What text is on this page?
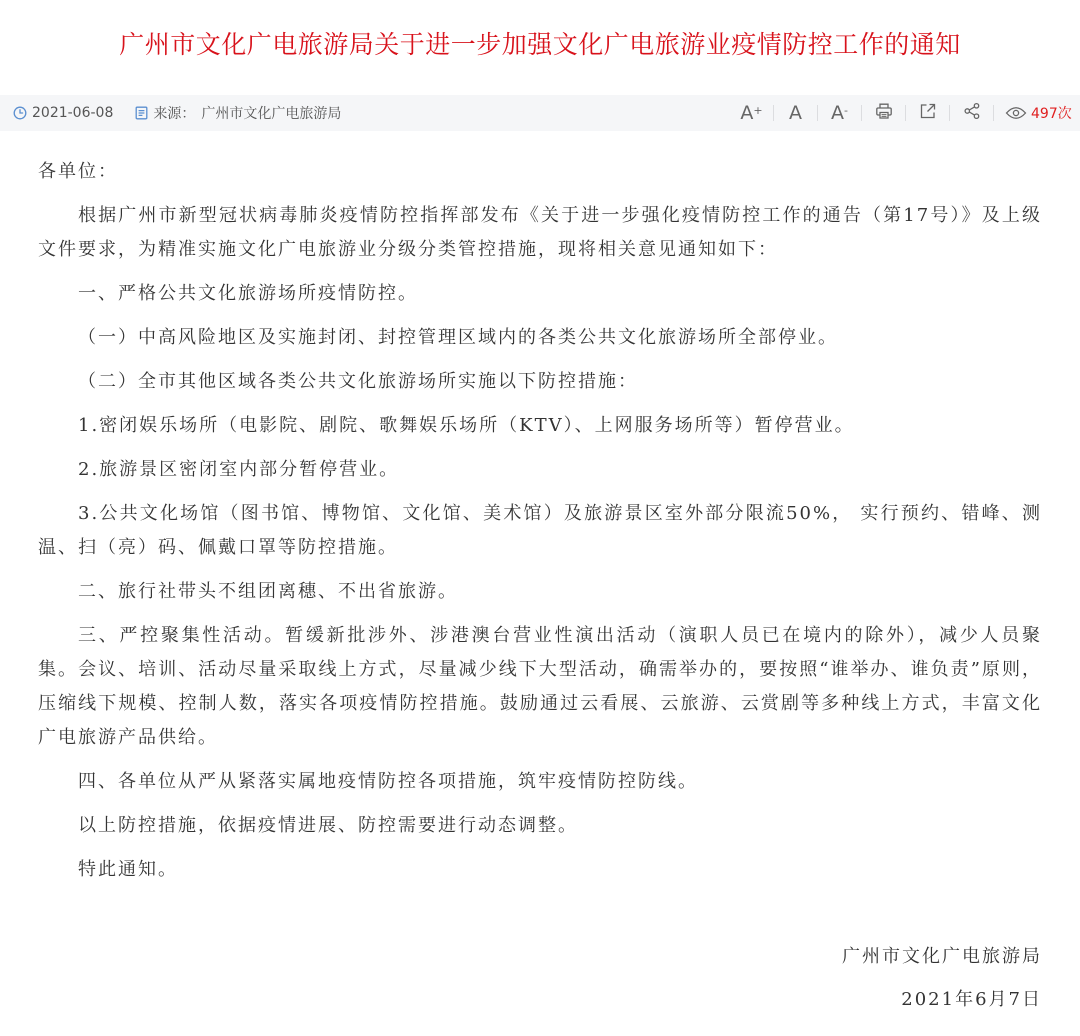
广州市文化广电旅游局关于进一步加强文化广电旅游业疫情防控工作的通知
2021-06-08	来源： 广州市文化广电旅游局	A + A A -	497次

各单位：

根据广州市新型冠状病毒肺炎疫情防控指挥部发布《关于进一步强化疫情防控工作的通告（第17号）》及上级文件要求，为精准实施文化广电旅游业分级分类管控措施，现将相关意见通知如下：

一、严格公共文化旅游场所疫情防控。

（一）中高风险地区及实施封闭、封控管理区域内的各类公共文化旅游场所全部停业。

（二）全市其他区域各类公共文化旅游场所实施以下防控措施：

1.密闭娱乐场所（电影院、剧院、歌舞娱乐场所（KTV）、上网服务场所等）暂停营业。

2.旅游景区密闭室内部分暂停营业。

3.公共文化场馆（图书馆、博物馆、文化馆、美术馆）及旅游景区室外部分限流50%， 实行预约、错峰、测温、扫（亮）码、佩戴口罩等防控措施。

二、旅行社带头不组团离穗、不出省旅游。

三、严控聚集性活动。暂缓新批涉外、涉港澳台营业性演出活动（演职人员已在境内的除外），减少人员聚集。会议、培训、活动尽量采取线上方式，尽量减少线下大型活动，确需举办的，要按照“谁举办、谁负责”原则，压缩线下规模、控制人数，落实各项疫情防控措施。鼓励通过云看展、云旅游、云赏剧等多种线上方式，丰富文化广电旅游产品供给。

四、各单位从严从紧落实属地疫情防控各项措施，筑牢疫情防控防线。

以上防控措施，依据疫情进展、防控需要进行动态调整。

特此通知。

广州市文化广电旅游局
2021年6月7日
